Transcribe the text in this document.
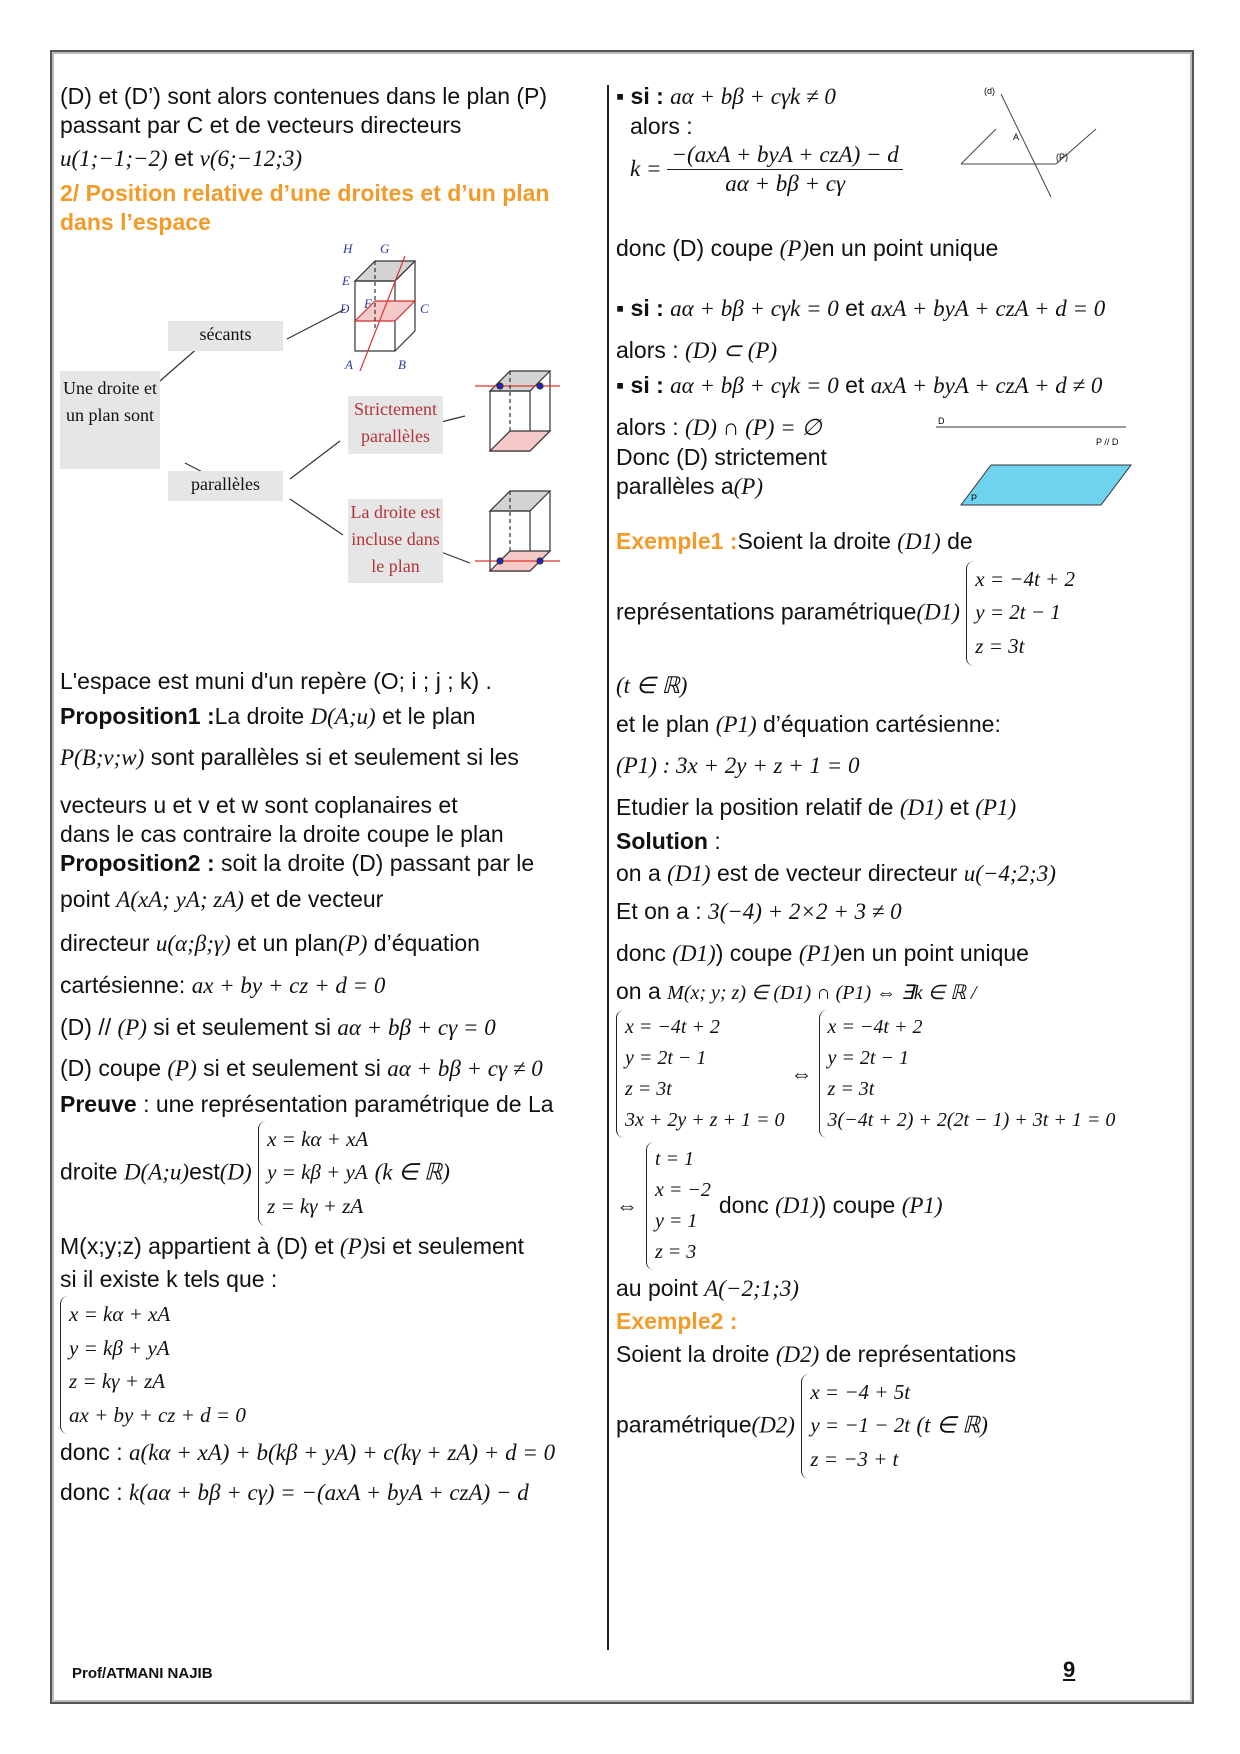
(D) et (D’) sont alors contenues dans le plan (P)

passant par C et de vecteurs directeurs

u(1;−1;−2) et v(6;−12;3)

2/ Position relative d’une droites et d’un plan dans l’espace

Une droite et un plan sont
sécants
parallèles
Strictement parallèles
La droite est incluse dans le plan
H G
E
F
D	C
A	B

L'espace est muni d'un repère (O; i ; j ; k) .

Proposition1 :La droite D(A;u) et le plan

P(B;v;w) sont parallèles si et seulement si les

vecteurs u et v et w sont coplanaires et

dans le cas contraire la droite coupe le plan

Proposition2 : soit la droite (D) passant par le

point A(xA; yA; zA) et de vecteur

directeur u(α;β;γ) et un plan(P) d’équation

cartésienne: ax + by + cz + d = 0

(D) // (P) si et seulement si aα + bβ + cγ = 0

(D) coupe (P) si et seulement si aα + bβ + cγ ≠ 0

Preuve : une représentation paramétrique de La

droite D(A;u)est(D)
x = kα + xA
y = kβ + yA
z = kγ + zA
(k ∈ ℝ)

M(x;y;z) appartient à (D) et (P)si et seulement

si il existe k tels que :

x = kα + xA
y = kβ + yA
z = kγ + zA
ax + by + cz + d = 0

donc : a(kα + xA) + b(kβ + yA) + c(kγ + zA) + d = 0

donc : k(aα + bβ + cγ) = −(axA + byA + czA) − d

▪ si : aα + bβ + cγk ≠ 0

alors :

k =
−(axA + byA + czA) − d
aα + bβ + cγ
(d)
A
(P)

donc (D) coupe (P)en un point unique

▪ si : aα + bβ + cγk = 0 et axA + byA + czA + d = 0

alors : (D) ⊂ (P)

▪ si : aα + bβ + cγk = 0 et axA + byA + czA + d ≠ 0

alors : (D) ∩ (P) = ∅

Donc (D) strictement

parallèles a(P)

D
P // D
P

Exemple1 :Soient la droite (D1) de

représentations paramétrique(D1)
x = −4t + 2
y = 2t − 1
z = 3t

(t ∈ ℝ)

et le plan (P1) d’équation cartésienne:

(P1) : 3x + 2y + z + 1 = 0

Etudier la position relatif de (D1) et (P1)

Solution :

on a (D1) est de vecteur directeur u(−4;2;3)

Et on a : 3(−4) + 2×2 + 3 ≠ 0

donc (D1)) coupe (P1)en un point unique

on a M(x; y; z) ∈ (D1) ∩ (P1) ⇔ ∃k ∈ ℝ /

x = −4t + 2
y = 2t − 1
z = 3t
3x + 2y + z + 1 = 0
⇔
x = −4t + 2
y = 2t − 1
z = 3t
3(−4t + 2) + 2(2t − 1) + 3t + 1 = 0
⇔
t = 1
x = −2
y = 1
z = 3
donc (D1)) coupe (P1)

au point A(−2;1;3)

Exemple2 :

Soient la droite (D2) de représentations

paramétrique(D2)
x = −4 + 5t
y = −1 − 2t
z = −3 + t
(t ∈ ℝ)
Prof/ATMANI NAJIB	9
